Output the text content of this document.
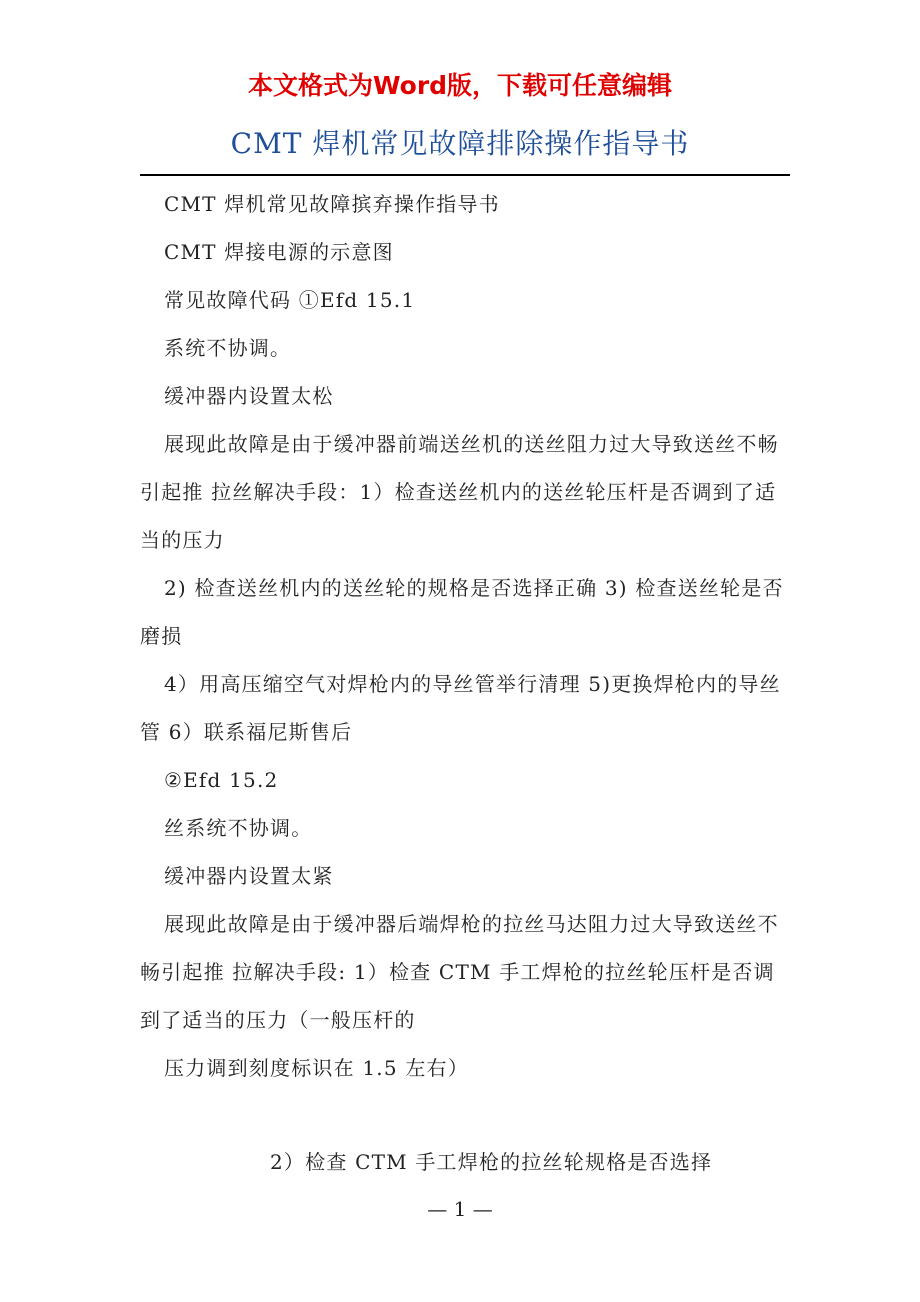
本文格式为Word版，下载可任意编辑
CMT 焊机常见故障排除操作指导书

CMT 焊机常见故障摈弃操作指导书

CMT 焊接电源的示意图

常见故障代码 ①Efd 15.1

系统不协调。

缓冲器内设置太松

展现此故障是由于缓冲器前端送丝机的送丝阻力过大导致送丝不畅引起推 拉丝解决手段：1）检查送丝机内的送丝轮压杆是否调到了适当的压力

2) 检查送丝机内的送丝轮的规格是否选择正确 3) 检查送丝轮是否磨损

4）用高压缩空气对焊枪内的导丝管举行清理 5)更换焊枪内的导丝管 6）联系福尼斯售后

②Efd 15.2

丝系统不协调。

缓冲器内设置太紧

展现此故障是由于缓冲器后端焊枪的拉丝马达阻力过大导致送丝不畅引起推 拉解决手段: 1）检查 CTM 手工焊枪的拉丝轮压杆是否调到了适当的压力（一般压杆的

压力调到刻度标识在 1.5 左右）

2）检查 CTM 手工焊枪的拉丝轮规格是否选择

— 1 —
